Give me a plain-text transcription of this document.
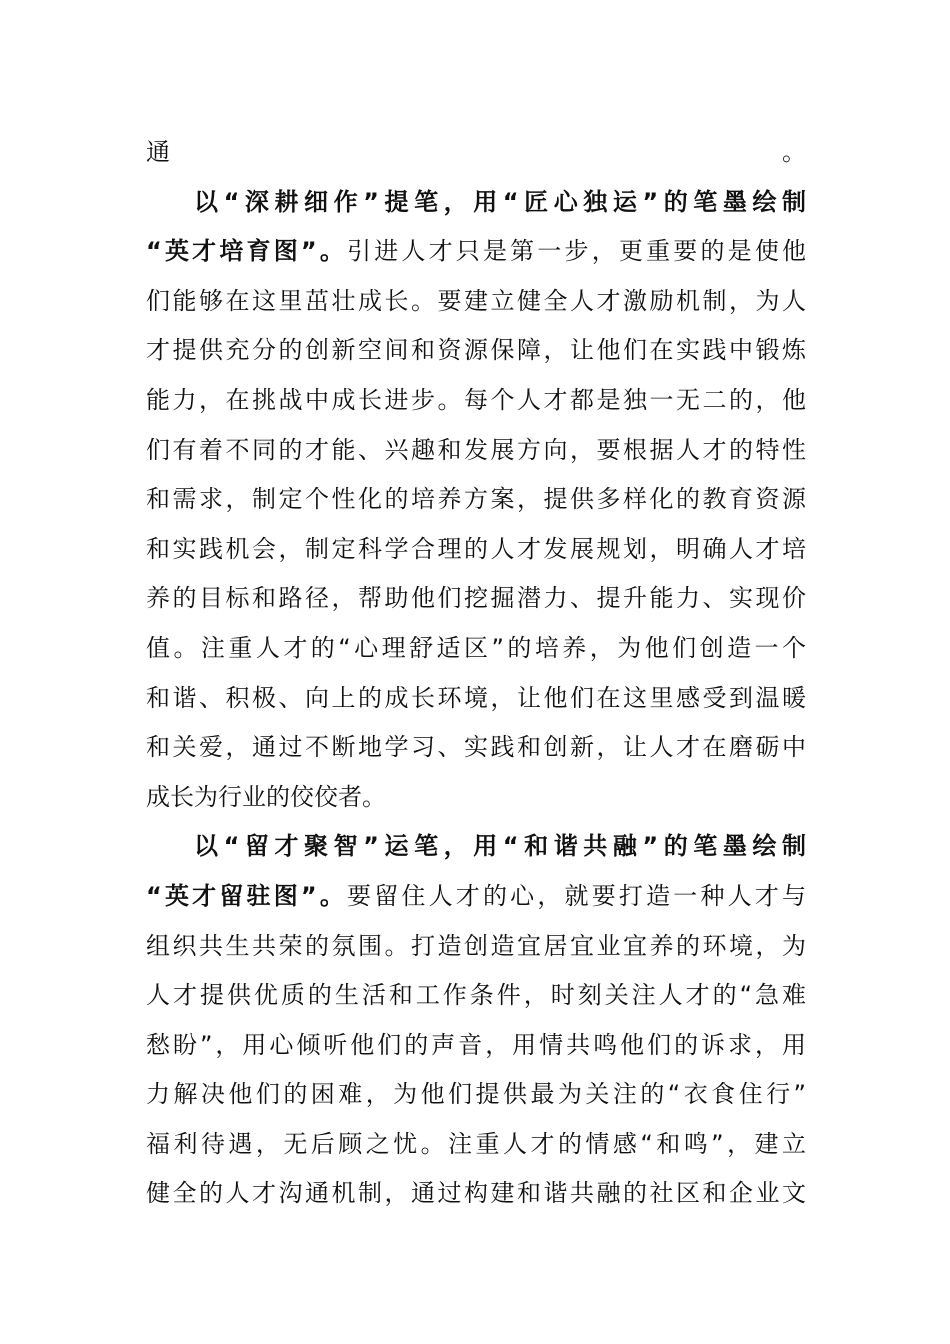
通。
以“深耕细作”提笔，用“匠心独运”的笔墨绘制
“英才培育图”。引进人才只是第一步，更重要的是使他
们能够在这里茁壮成长。要建立健全人才激励机制，为人
才提供充分的创新空间和资源保障，让他们在实践中锻炼
能力，在挑战中成长进步。每个人才都是独一无二的，他
们有着不同的才能、兴趣和发展方向，要根据人才的特性
和需求，制定个性化的培养方案，提供多样化的教育资源
和实践机会，制定科学合理的人才发展规划，明确人才培
养的目标和路径，帮助他们挖掘潜力、提升能力、实现价
值。注重人才的“心理舒适区”的培养，为他们创造一个
和谐、积极、向上的成长环境，让他们在这里感受到温暖
和关爱，通过不断地学习、实践和创新，让人才在磨砺中
成长为行业的佼佼者。
以“留才聚智”运笔，用“和谐共融”的笔墨绘制
“英才留驻图”。要留住人才的心，就要打造一种人才与
组织共生共荣的氛围。打造创造宜居宜业宜养的环境，为
人才提供优质的生活和工作条件，时刻关注人才的“急难
愁盼”，用心倾听他们的声音，用情共鸣他们的诉求，用
力解决他们的困难，为他们提供最为关注的“衣食住行”
福利待遇，无后顾之忧。注重人才的情感“和鸣”，建立
健全的人才沟通机制，通过构建和谐共融的社区和企业文
